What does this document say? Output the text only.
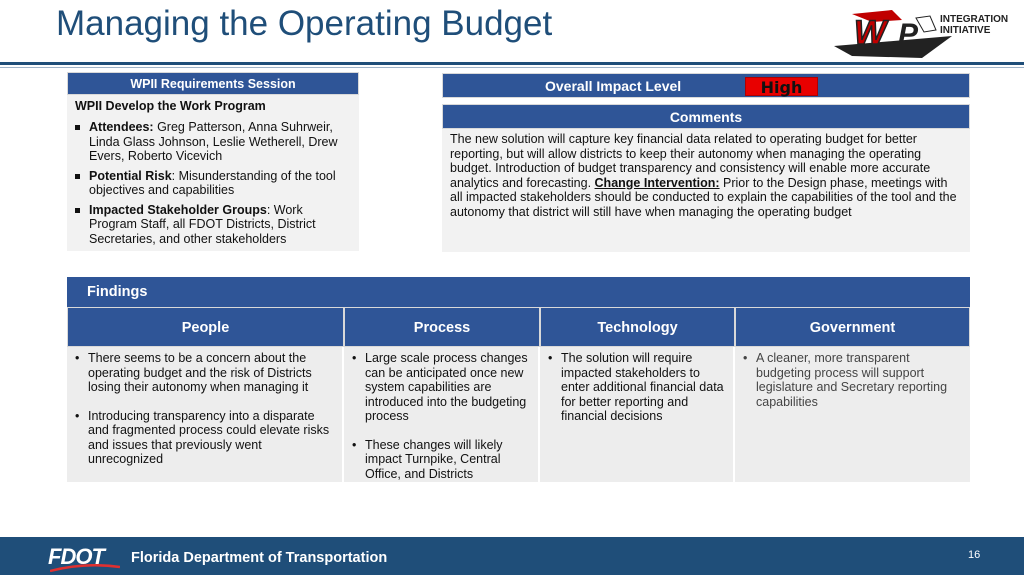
Managing the Operating Budget	W P INTEGRATION
INITIATIVE
WPII Requirements Session
WPII Develop the Work Program
Attendees: Greg Patterson, Anna Suhrweir, Linda Glass Johnson, Leslie Wetherell, Drew Evers, Roberto Vicevich
Potential Risk: Misunderstanding of the tool objectives and capabilities
Impacted Stakeholder Groups: Work Program Staff, all FDOT Districts, District Secretaries, and other stakeholders
Overall Impact Level	High
Comments
The new solution will capture key financial data related to operating budget for better reporting, but will allow districts to keep their autonomy when managing the operating budget. Introduction of budget transparency and consistency will enable more accurate analytics and forecasting. Change Intervention: Prior to the Design phase, meetings with all impacted stakeholders should be conducted to explain the capabilities of the tool and the autonomy that district will still have when managing the operating budget
Findings
People
• There seems to be a concern about the operating budget and the risk of Districts losing their autonomy when managing it
• Introducing transparency into a disparate and fragmented process could elevate risks and issues that previously went unrecognized
Process
• Large scale process changes can be anticipated once new system capabilities are introduced into the budgeting process
• These changes will likely impact Turnpike, Central Office, and Districts
Technology
• The solution will require impacted stakeholders to enter additional financial data for better reporting and financial decisions
Government
• A cleaner, more transparent budgeting process will support legislature and Secretary reporting capabilities
FDOT Florida Department of Transportation	16
